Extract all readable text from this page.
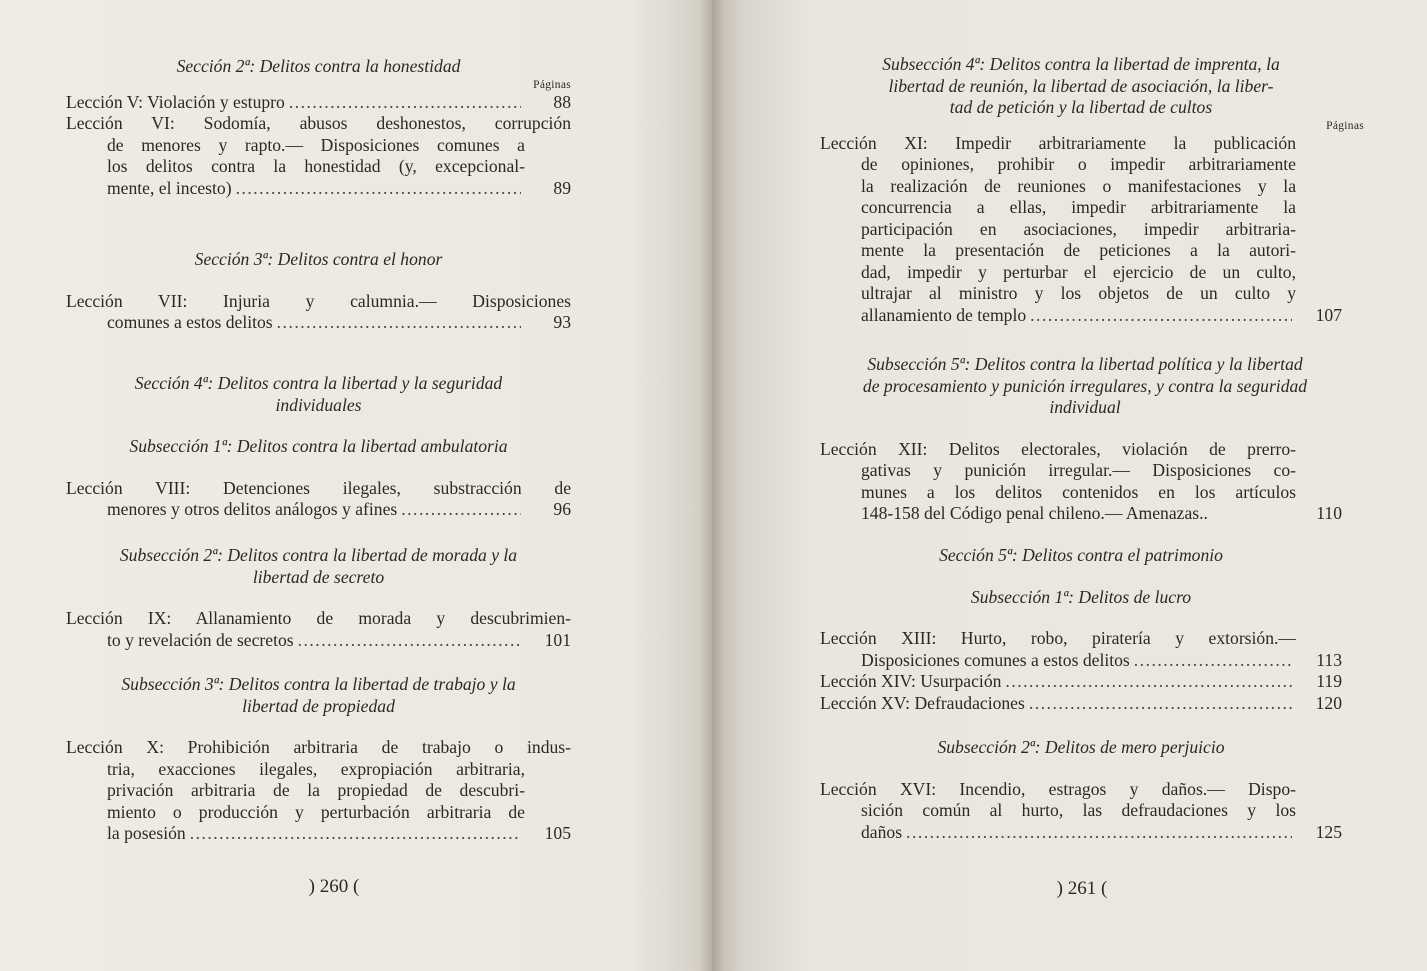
Sección 2ª: Delitos contra la honestidad

Páginas
Lección V: Violación y estupro .....	88
Lección VI: Sodomía, abusos deshonestos, corrupción
de menores y rapto.— Disposiciones comunes a
los delitos contra la honestidad (y, excepcional-
mente, el incesto) .....	89

Sección 3ª: Delitos contra el honor

Lección VII: Injuria y calumnia.— Disposiciones
comunes a estos delitos .....	93

Sección 4ª: Delitos contra la libertad y la seguridad

individuales

Subsección 1ª: Delitos contra la libertad ambulatoria

Lección VIII: Detenciones ilegales, substracción de
menores y otros delitos análogos y afines .....	96

Subsección 2ª: Delitos contra la libertad de morada y la

libertad de secreto

Lección IX: Allanamiento de morada y descubrimien-
to y revelación de secretos .....	101

Subsección 3ª: Delitos contra la libertad de trabajo y la

libertad de propiedad

Lección X: Prohibición arbitraria de trabajo o indus-
tria, exacciones ilegales, expropiación arbitraria,
privación arbitraria de la propiedad de descubri-
miento o producción y perturbación arbitraria de
la posesión .....	105
) 260 (

Subsección 4ª: Delitos contra la libertad de imprenta, la

libertad de reunión, la libertad de asociación, la liber-

tad de petición y la libertad de cultos

Páginas
Lección XI: Impedir arbitrariamente la publicación
de opiniones, prohibir o impedir arbitrariamente
la realización de reuniones o manifestaciones y la
concurrencia a ellas, impedir arbitrariamente la
participación en asociaciones, impedir arbitraria-
mente la presentación de peticiones a la autori-
dad, impedir y perturbar el ejercicio de un culto,
ultrajar al ministro y los objetos de un culto y
allanamiento de templo .....	107

Subsección 5ª: Delitos contra la libertad política y la libertad

de procesamiento y punición irregulares, y contra la seguridad

individual

Lección XII: Delitos electorales, violación de prerro-
gativas y punición irregular.— Disposiciones co-
munes a los delitos contenidos en los artículos
148-158 del Código penal chileno.— Amenazas..	110

Sección 5ª: Delitos contra el patrimonio

Subsección 1ª: Delitos de lucro

Lección XIII: Hurto, robo, piratería y extorsión.—
Disposiciones comunes a estos delitos .....	113
Lección XIV: Usurpación .....	119
Lección XV: Defraudaciones .....	120

Subsección 2ª: Delitos de mero perjuicio

Lección XVI: Incendio, estragos y daños.— Dispo-
sición común al hurto, las defraudaciones y los
daños .....	125
) 261 (
